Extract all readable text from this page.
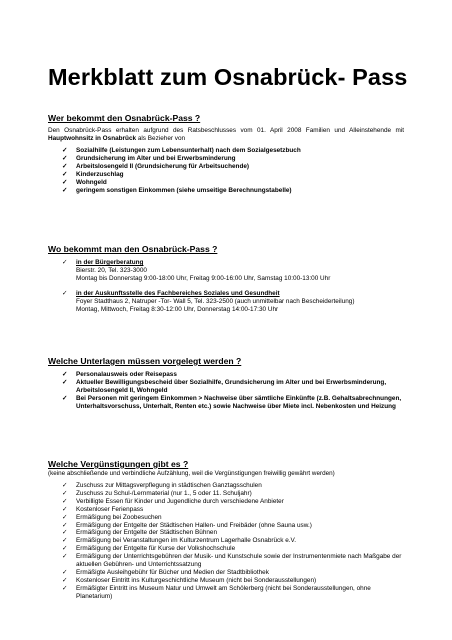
Merkblatt zum Osnabrück- Pass
Wer bekommt den Osnabrück-Pass ?

Den Osnabrück-Pass erhalten aufgrund des Ratsbeschlusses vom 01. April 2008 Familien und Alleinstehende mit Hauptwohnsitz in Osnabrück als Bezieher von

✓ Sozialhilfe (Leistungen zum Lebensunterhalt) nach dem Sozialgesetzbuch
✓ Grundsicherung im Alter und bei Erwerbsminderung
✓ Arbeitslosengeld II (Grundsicherung für Arbeitsuchende)
✓ Kinderzuschlag
✓ Wohngeld
✓ geringem sonstigen Einkommen (siehe umseitige Berechnungstabelle)
Wo bekommt man den Osnabrück-Pass ?
✓ in der Bürgerberatung
Bierstr. 20, Tel. 323-3000
Montag bis Donnerstag 9:00-18:00 Uhr, Freitag 9:00-16:00 Uhr, Samstag 10:00-13:00 Uhr
✓ in der Auskunftsstelle des Fachbereiches Soziales und Gesundheit
Foyer Stadthaus 2, Natruper -Tor- Wall 5, Tel. 323-2500 (auch unmittelbar nach Bescheiderteilung)
Montag, Mittwoch, Freitag 8:30-12:00 Uhr, Donnerstag 14:00-17:30 Uhr
Welche Unterlagen müssen vorgelegt werden ?
✓ Personalausweis oder Reisepass
✓ Aktueller Bewilligungsbescheid über Sozialhilfe, Grundsicherung im Alter und bei Erwerbsminderung, Arbeitslosengeld II, Wohngeld
✓ Bei Personen mit geringem Einkommen > Nachweise über sämtliche Einkünfte (z.B. Gehaltsabrechnungen, Unterhaltsvorschuss, Unterhalt, Renten etc.) sowie Nachweise über Miete incl. Nebenkosten und Heizung
Welche Vergünstigungen gibt es ?

(keine abschließende und verbindliche Aufzählung, weil die Vergünstigungen freiwillig gewährt werden)

✓ Zuschuss zur Mittagsverpflegung in städtischen Ganztagsschulen
✓ Zuschuss zu Schul-/Lernmaterial (nur 1., 5 oder 11. Schuljahr)
✓ Verbilligte Essen für Kinder und Jugendliche durch verschiedene Anbieter
✓ Kostenloser Ferienpass
✓ Ermäßigung bei Zoobesuchen
✓ Ermäßigung der Entgelte der Städtischen Hallen- und Freibäder (ohne Sauna usw.)
✓ Ermäßigung der Entgelte der Städtischen Bühnen
✓ Ermäßigung bei Veranstaltungen im Kulturzentrum Lagerhalle Osnabrück e.V.
✓ Ermäßigung der Entgelte für Kurse der Volkshochschule
✓ Ermäßigung der Unterrichtsgebühren der Musik- und Kunstschule sowie der Instrumentenmiete nach Maßgabe der aktuellen Gebühren- und Unterrichtssatzung
✓ Ermäßigte Ausleihgebühr für Bücher und Medien der Stadtbibliothek
✓ Kostenloser Eintritt ins Kulturgeschichtliche Museum (nicht bei Sonderausstellungen)
✓ Ermäßigter Eintritt ins Museum Natur und Umwelt am Schölerberg (nicht bei Sonderausstellungen, ohne Planetarium)
